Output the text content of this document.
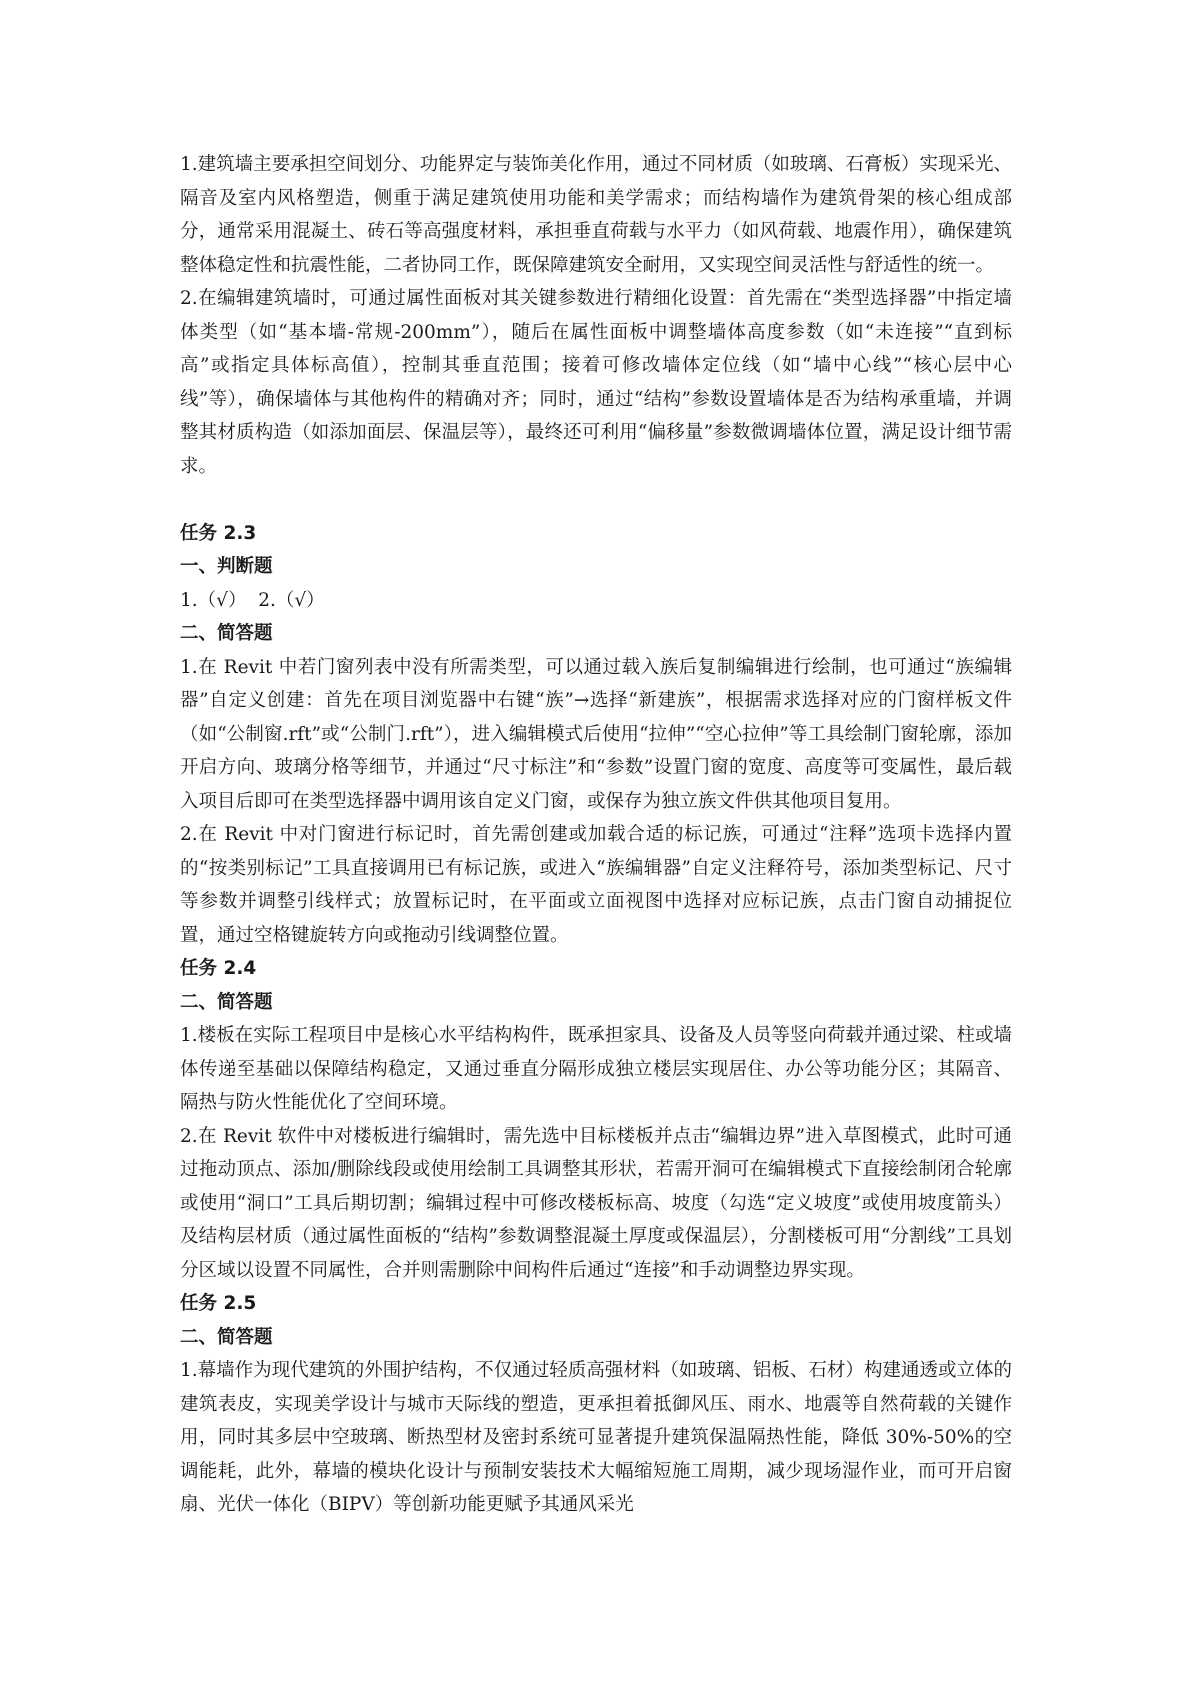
1.建筑墙主要承担空间划分、功能界定与装饰美化作用，通过不同材质（如玻璃、石膏板）实现采光、隔音及室内风格塑造，侧重于满足建筑使用功能和美学需求；而结构墙作为建筑骨架的核心组成部分，通常采用混凝土、砖石等高强度材料，承担垂直荷载与水平力（如风荷载、地震作用），确保建筑整体稳定性和抗震性能，二者协同工作，既保障建筑安全耐用，又实现空间灵活性与舒适性的统一。

2.在编辑建筑墙时，可通过属性面板对其关键参数进行精细化设置：首先需在“类型选择器”中指定墙体类型（如“基本墙-常规-200mm”），随后在属性面板中调整墙体高度参数（如“未连接”“直到标高”或指定具体标高值），控制其垂直范围；接着可修改墙体定位线（如“墙中心线”“核心层中心线”等），确保墙体与其他构件的精确对齐；同时，通过“结构”参数设置墙体是否为结构承重墙，并调整其材质构造（如添加面层、保温层等），最终还可利用“偏移量”参数微调墙体位置，满足设计细节需求。

任务 2.3

一、判断题

1.（√）  2.（√）

二、简答题

1.在 Revit 中若门窗列表中没有所需类型，可以通过载入族后复制编辑进行绘制，也可通过“族编辑器”自定义创建：首先在项目浏览器中右键“族”→选择“新建族”，根据需求选择对应的门窗样板文件（如“公制窗.rft”或“公制门.rft”），进入编辑模式后使用“拉伸”“空心拉伸”等工具绘制门窗轮廓，添加开启方向、玻璃分格等细节，并通过“尺寸标注”和“参数”设置门窗的宽度、高度等可变属性，最后载入项目后即可在类型选择器中调用该自定义门窗，或保存为独立族文件供其他项目复用。

2.在 Revit 中对门窗进行标记时，首先需创建或加载合适的标记族，可通过“注释”选项卡选择内置的“按类别标记”工具直接调用已有标记族，或进入“族编辑器”自定义注释符号，添加类型标记、尺寸等参数并调整引线样式；放置标记时，在平面或立面视图中选择对应标记族，点击门窗自动捕捉位置，通过空格键旋转方向或拖动引线调整位置。

任务 2.4

二、简答题

1.楼板在实际工程项目中是核心水平结构构件，既承担家具、设备及人员等竖向荷载并通过梁、柱或墙体传递至基础以保障结构稳定，又通过垂直分隔形成独立楼层实现居住、办公等功能分区；其隔音、隔热与防火性能优化了空间环境。

2.在 Revit 软件中对楼板进行编辑时，需先选中目标楼板并点击“编辑边界”进入草图模式，此时可通过拖动顶点、添加/删除线段或使用绘制工具调整其形状，若需开洞可在编辑模式下直接绘制闭合轮廓或使用“洞口”工具后期切割；编辑过程中可修改楼板标高、坡度（勾选“定义坡度”或使用坡度箭头）及结构层材质（通过属性面板的“结构”参数调整混凝土厚度或保温层），分割楼板可用“分割线”工具划分区域以设置不同属性，合并则需删除中间构件后通过“连接”和手动调整边界实现。

任务 2.5

二、简答题

1.幕墙作为现代建筑的外围护结构，不仅通过轻质高强材料（如玻璃、铝板、石材）构建通透或立体的建筑表皮，实现美学设计与城市天际线的塑造，更承担着抵御风压、雨水、地震等自然荷载的关键作用，同时其多层中空玻璃、断热型材及密封系统可显著提升建筑保温隔热性能，降低 30%-50%的空调能耗，此外，幕墙的模块化设计与预制安装技术大幅缩短施工周期，减少现场湿作业，而可开启窗扇、光伏一体化（BIPV）等创新功能更赋予其通风采光
